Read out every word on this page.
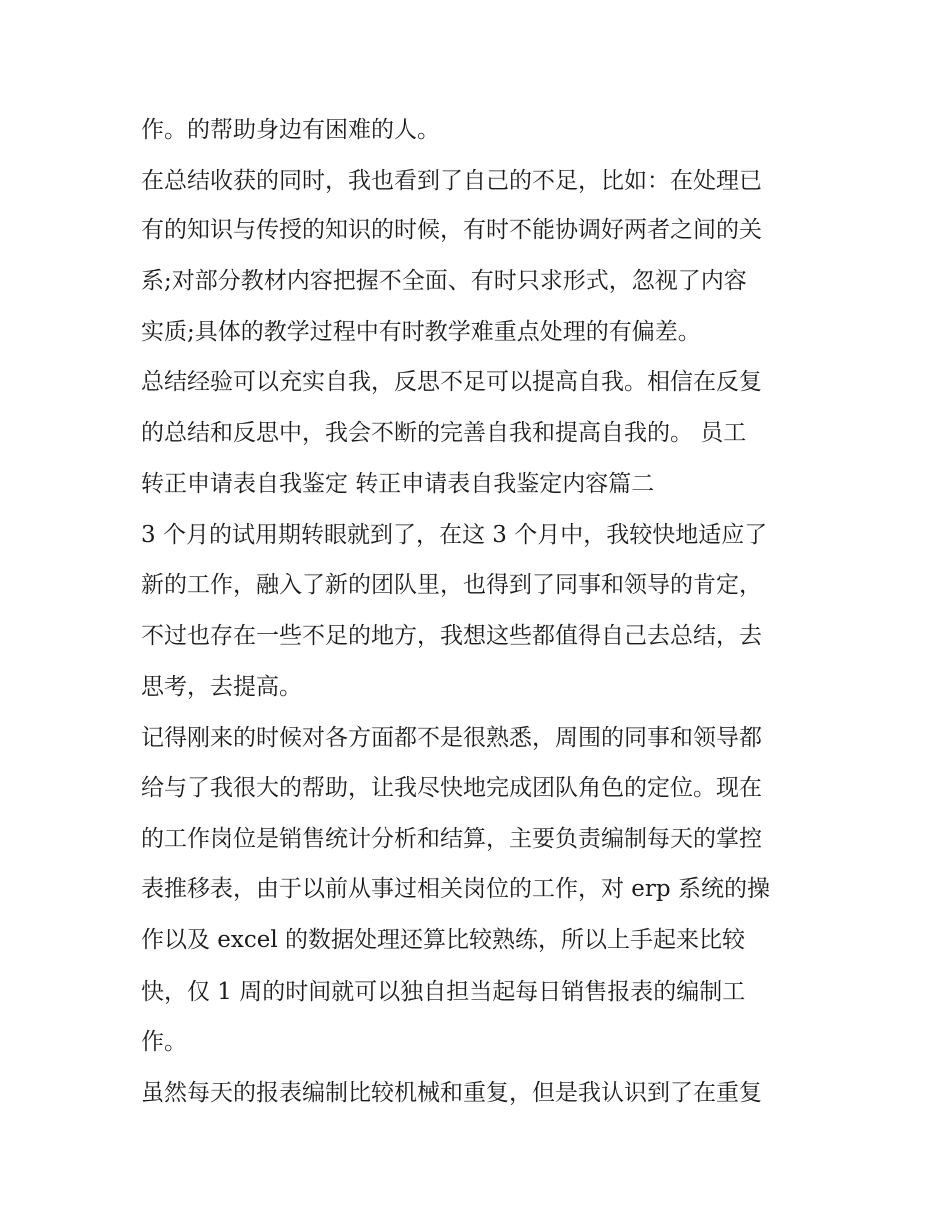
作。的帮助身边有困难的人。
在总结收获的同时，我也看到了自己的不足，比如：在处理已
有的知识与传授的知识的时候，有时不能协调好两者之间的关
系;对部分教材内容把握不全面、有时只求形式，忽视了内容
实质;具体的教学过程中有时教学难重点处理的有偏差。
总结经验可以充实自我，反思不足可以提高自我。相信在反复
的总结和反思中，我会不断的完善自我和提高自我的。 员工
转正申请表自我鉴定 转正申请表自我鉴定内容篇二
3 个月的试用期转眼就到了，在这 3 个月中，我较快地适应了
新的工作，融入了新的团队里，也得到了同事和领导的肯定，
不过也存在一些不足的地方，我想这些都值得自己去总结，去
思考，去提高。
记得刚来的时候对各方面都不是很熟悉，周围的同事和领导都
给与了我很大的帮助，让我尽快地完成团队角色的定位。现在
的工作岗位是销售统计分析和结算，主要负责编制每天的掌控
表推移表，由于以前从事过相关岗位的工作，对 erp 系统的操
作以及 excel 的数据处理还算比较熟练，所以上手起来比较
快，仅 1 周的时间就可以独自担当起每日销售报表的编制工
作。
虽然每天的报表编制比较机械和重复，但是我认识到了在重复
